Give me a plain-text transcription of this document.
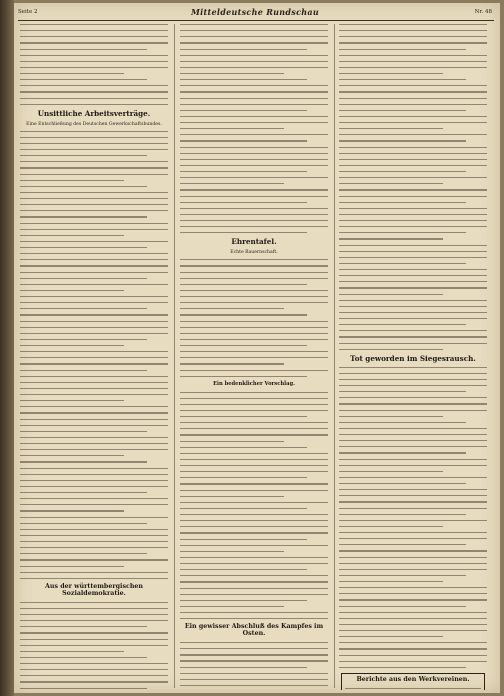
Seite 2	Mitteldeutsche Rundschau	Nr. 48
Unsittliche Arbeitsverträge.
Eine Entschließung des Deutschen Gewerkschaftsbundes.
Aus der württembergischen Sozialdemokratie.
Ehrentafel.
Echte Bauernschaft.
Ein bedenklicher Vorschlag.
Ein gewisser Abschluß des Kampfes im Osten.
Tot geworden im Siegesrausch.
Berichte aus den Werkvereinen.
